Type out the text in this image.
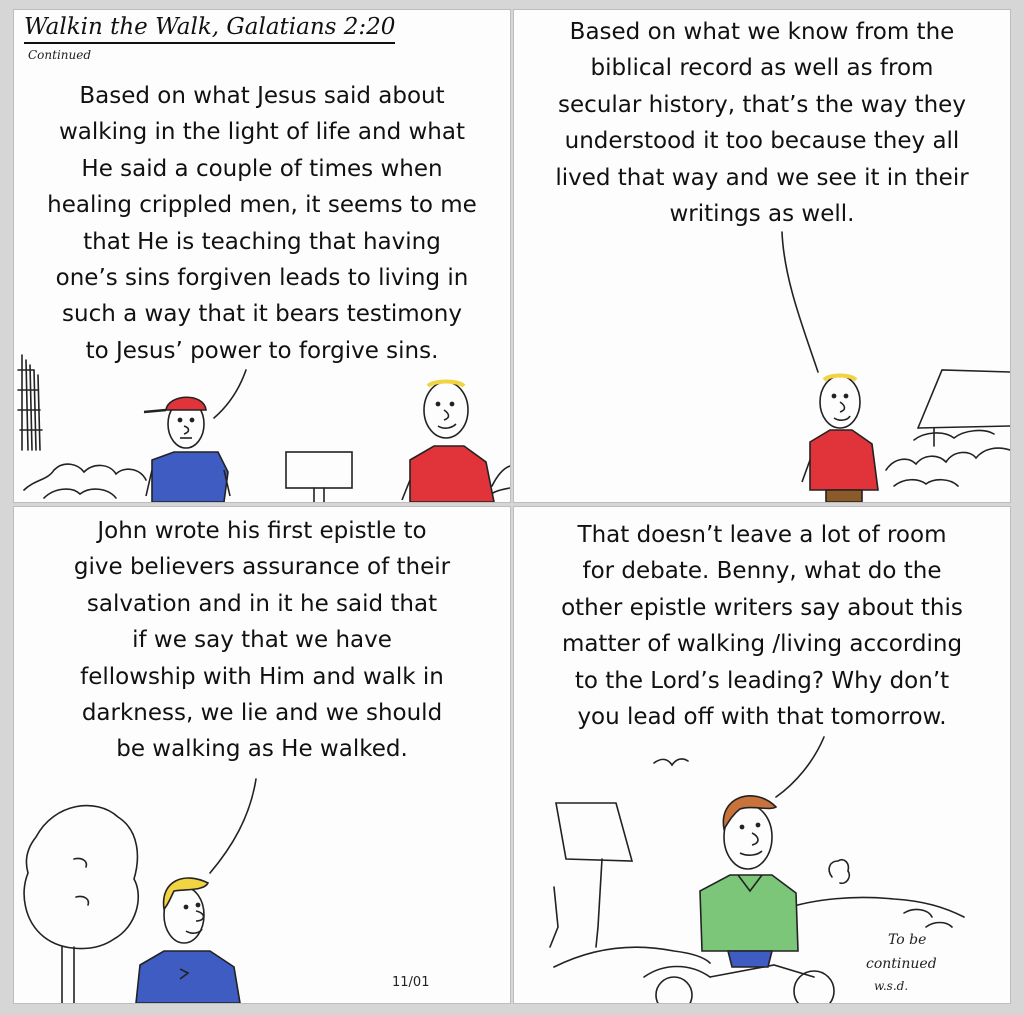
Walkin the Walk, Galatians 2:20
Continued

Based on what Jesus said about
walking in the light of life and what
He said a couple of times when
healing crippled men, it seems to me
that He is teaching that having
one’s sins forgiven leads to living in
such a way that it bears testimony
to Jesus’ power to forgive sins.

Based on what we know from the
biblical record as well as from
secular history, that’s the way they
understood it too because they all
lived that way and we see it in their
writings as well.

John wrote his first epistle to
give believers assurance of their
salvation and in it he said that
if we say that we have
fellowship with Him and walk in
darkness, we lie and we should
be walking as He walked.

11/01

That doesn’t leave a lot of room
for debate. Benny, what do the
other epistle writers say about this
matter of walking /living according
to the Lord’s leading? Why don’t
you lead off with that tomorrow.

To be
continued
w.s.d.
